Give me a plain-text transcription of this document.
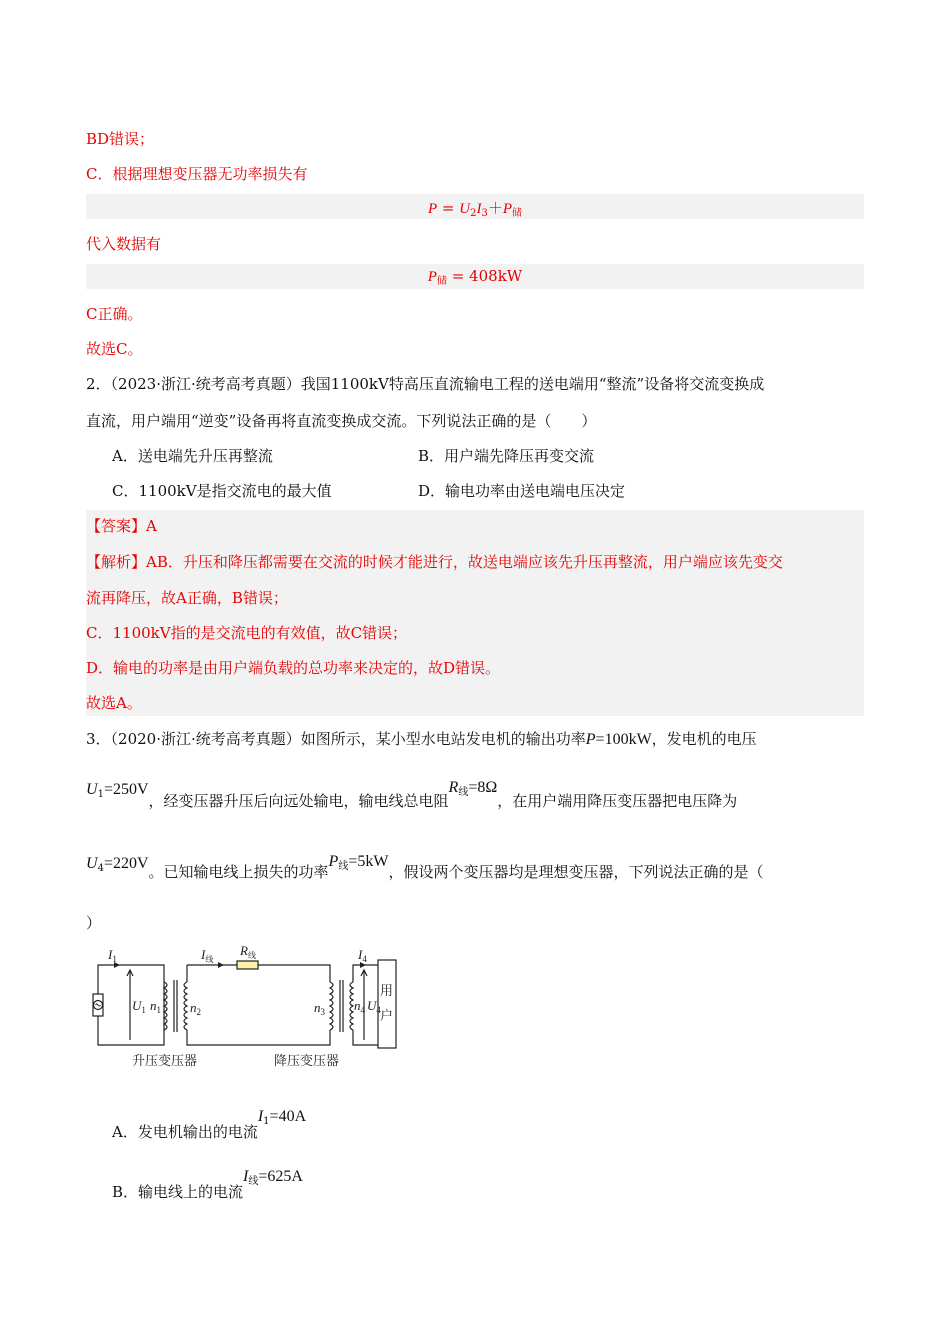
BD错误；
C．根据理想变压器无功率损失有
$P = U_2I_3+P_储$
代入数据有
$P_储 = 408kW$
C正确。
故选C。
2．（2023·浙江·统考高考真题）我国1100kV特高压直流输电工程的送电端用“整流”设备将交流变换成
直流，用户端用“逆变”设备再将直流变换成交流。下列说法正确的是（　　）
A．送电端先升压再整流	B．用户端先降压再变交流
C．1100kV是指交流电的最大值	D．输电功率由送电端电压决定
【答案】A
【解析】AB．升压和降压都需要在交流的时候才能进行，故送电端应该先升压再整流，用户端应该先变交
流再降压，故A正确，B错误；
C．1100kV指的是交流电的有效值，故C错误；
D．输电的功率是由用户端负载的总功率来决定的，故D错误。
故选A。
3．（2020·浙江·统考高考真题）如图所示，某小型水电站发电机的输出功率P=100kW，发电机的电压
$U_1=250V$，经变压器升压后向远处输电，输电线总电阻$R_线=8\Omega$，在用户端用降压变压器把电压降为
$U_4=220V$。已知输电线上损失的功率$P_线=5kW$，假设两个变压器均是理想变压器，下列说法正确的是（
）
$I_1$	$I_线$
$R_线$	$I_4$
$U_1$ $n_1$ $n_2$	$n_3$ $n_4$ $U_4$
用
户
升压变压器	降压变压器
A．发电机输出的电流$I_1=40A$
B．输电线上的电流$I_线=625A$
